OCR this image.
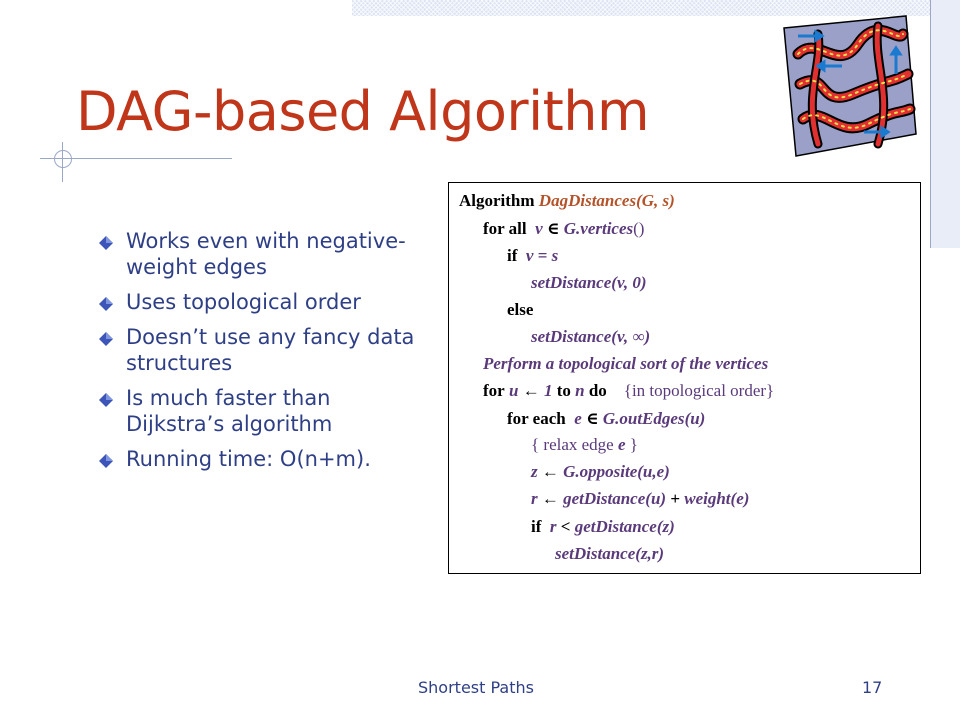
DAG-based Algorithm
Works even with negative-weight edges
Uses topological order
Doesn’t use any fancy data structures
Is much faster than Dijkstra’s algorithm
Running time: O(n+m).
Algorithm DagDistances(G, s)
for all v ∈ G.vertices()
if v = s
setDistance(v, 0)
else
setDistance(v, ∞)
Perform a topological sort of the vertices
for u ← 1 to n do {in topological order}
for each e ∈ G.outEdges(u)
{ relax edge e }
z ← G.opposite(u,e)
r ← getDistance(u) + weight(e)
if r < getDistance(z)
setDistance(z,r)
Shortest Paths	17
